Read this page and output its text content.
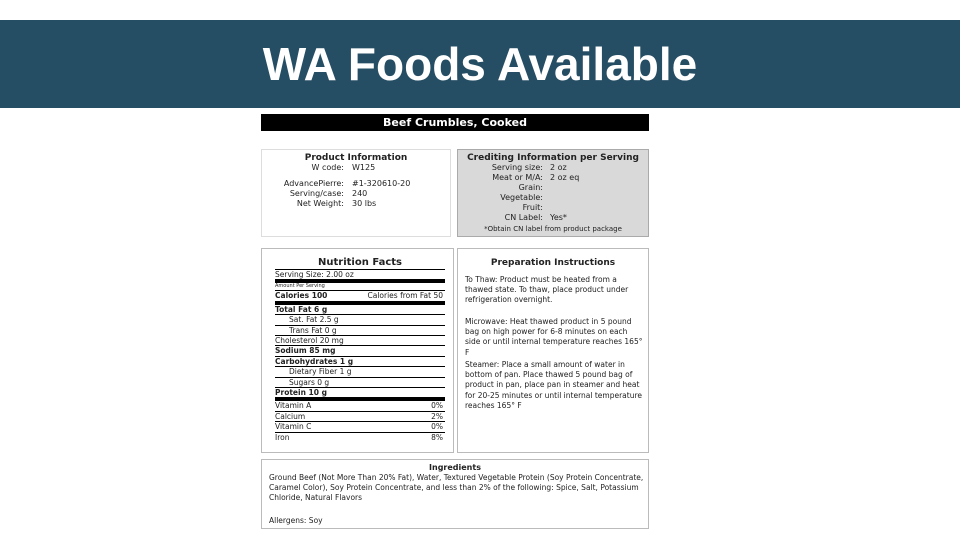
WA Foods Available
Beef Crumbles, Cooked
Product Information
W code: W125
AdvancePierre: #1-320610-20
Serving/case: 240
Net Weight: 30 lbs
Crediting Information per Serving
Serving size: 2 oz
Meat or M/A: 2 oz eq
Grain:
Vegetable:
Fruit:
CN Label: Yes*
*Obtain CN label from product package
Nutrition Facts
Serving Size: 2.00 oz
Amount Per Serving
Calories 100	Calories from Fat 50
Total Fat 6 g
Sat. Fat 2.5 g
Trans Fat 0 g
Cholesterol 20 mg
Sodium 85 mg
Carbohydrates 1 g
Dietary Fiber 1 g
Sugars 0 g
Protein 10 g
Vitamin A	0%
Calcium	2%
Vitamin C	0%
Iron	8%
Preparation Instructions

To Thaw: Product must be heated from a thawed state. To thaw, place product under refrigeration overnight.

Microwave: Heat thawed product in 5 pound bag on high power for 6-8 minutes on each side or until internal temperature reaches 165° F

Steamer: Place a small amount of water in bottom of pan. Place thawed 5 pound bag of product in pan, place pan in steamer and heat for 20-25 minutes or until internal temperature reaches 165° F

Ingredients

Ground Beef (Not More Than 20% Fat), Water, Textured Vegetable Protein (Soy Protein Concentrate, Caramel Color), Soy Protein Concentrate, and less than 2% of the following: Spice, Salt, Potassium Chloride, Natural Flavors

Allergens: Soy
